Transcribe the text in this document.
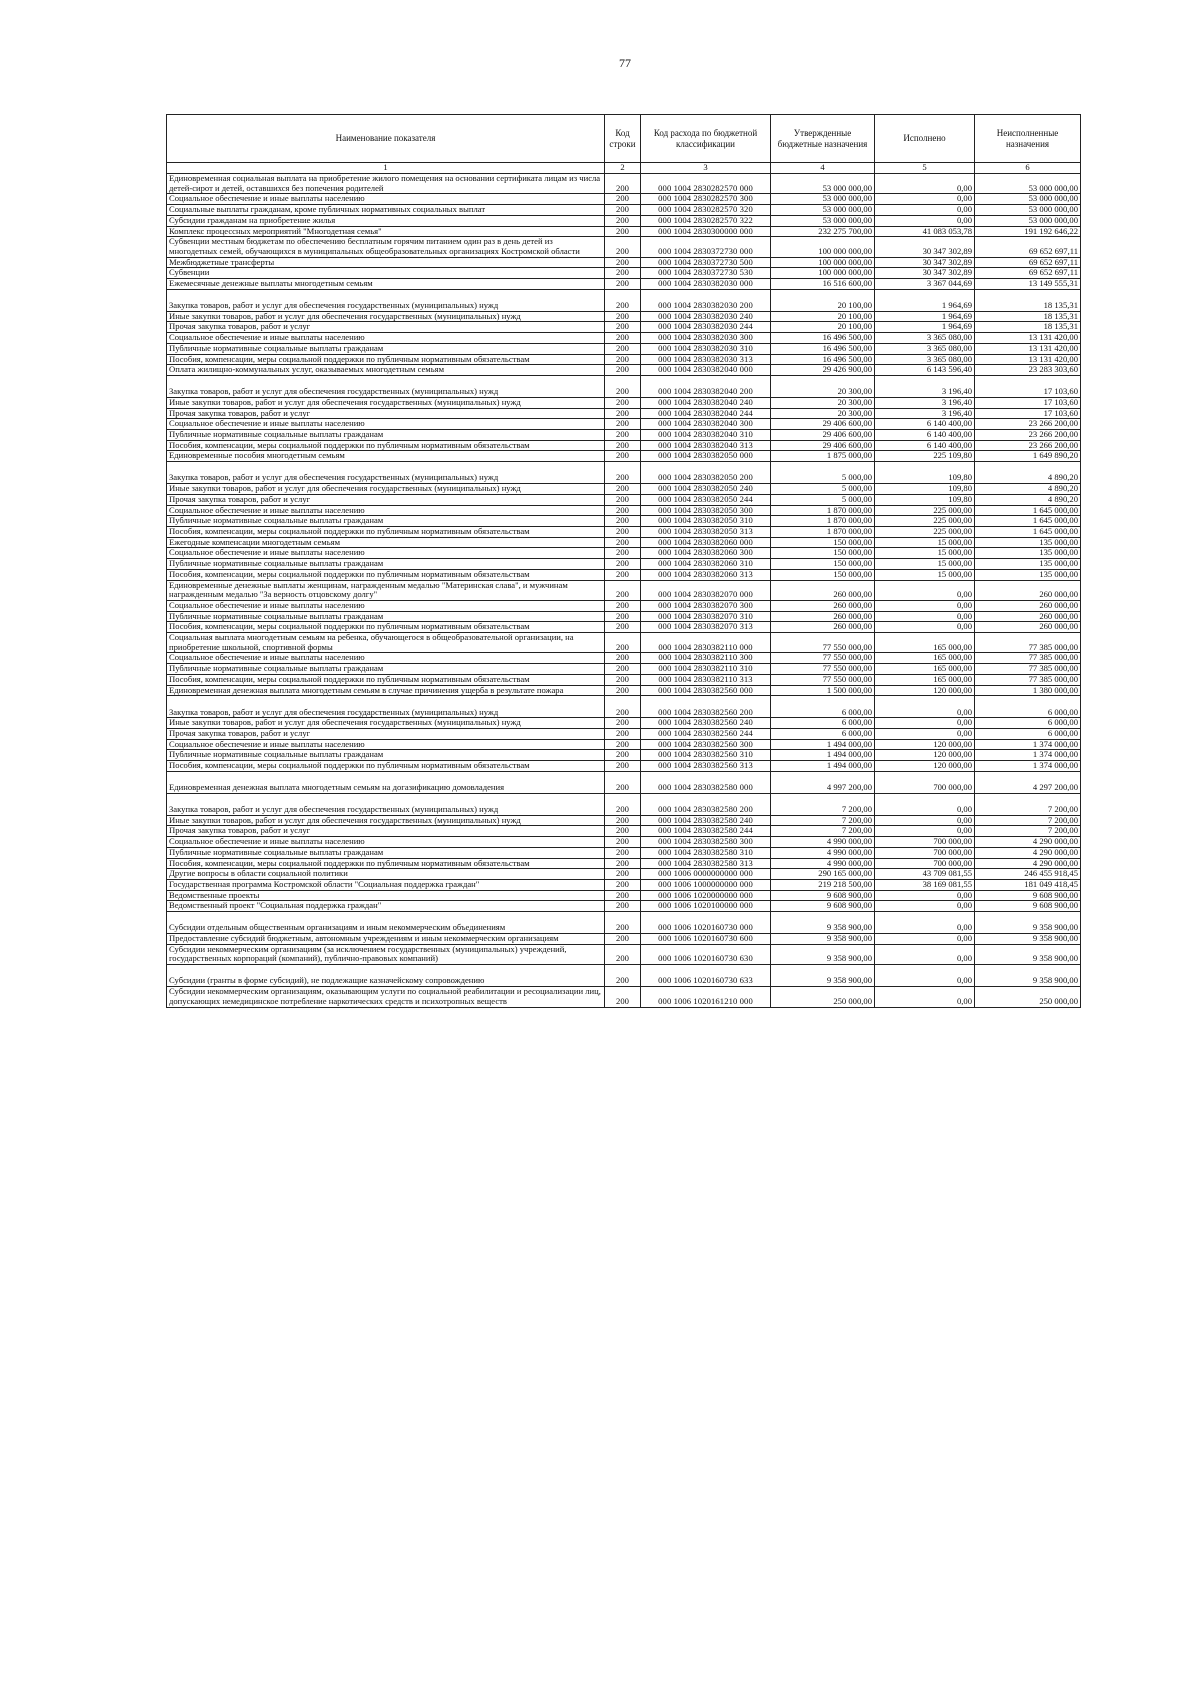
77
Наименование показателя	Код строки	Код расхода по бюджетной классификации	Утвержденные бюджетные назначения	Исполнено	Неисполненные назначения
1	2	3	4	5	6
Единовременная социальная выплата на приобретение жилого помещения на основании сертификата лицам из числа детей-сирот и детей, оставшихся без попечения родителей	200	000 1004 2830282570 000	53 000 000,00	0,00	53 000 000,00
Социальное обеспечение и иные выплаты населению	200	000 1004 2830282570 300	53 000 000,00	0,00	53 000 000,00
Социальные выплаты гражданам, кроме публичных нормативных социальных выплат	200	000 1004 2830282570 320	53 000 000,00	0,00	53 000 000,00
Субсидии гражданам на приобретение жилья	200	000 1004 2830282570 322	53 000 000,00	0,00	53 000 000,00
Комплекс процессных мероприятий "Многодетная семья"	200	000 1004 2830300000 000	232 275 700,00	41 083 053,78	191 192 646,22
Субвенции местным бюджетам по обеспечению бесплатным горячим питанием один раз в день детей из многодетных семей, обучающихся в муниципальных общеобразовательных организациях Костромской области	200	000 1004 2830372730 000	100 000 000,00	30 347 302,89	69 652 697,11
Межбюджетные трансферты	200	000 1004 2830372730 500	100 000 000,00	30 347 302,89	69 652 697,11
Субвенции	200	000 1004 2830372730 530	100 000 000,00	30 347 302,89	69 652 697,11
Ежемесячные денежные выплаты многодетным семьям	200	000 1004 2830382030 000	16 516 600,00	3 367 044,69	13 149 555,31
Закупка товаров, работ и услуг для обеспечения государственных (муниципальных) нужд	200	000 1004 2830382030 200	20 100,00	1 964,69	18 135,31
Иные закупки товаров, работ и услуг для обеспечения государственных (муниципальных) нужд	200	000 1004 2830382030 240	20 100,00	1 964,69	18 135,31
Прочая закупка товаров, работ и услуг	200	000 1004 2830382030 244	20 100,00	1 964,69	18 135,31
Социальное обеспечение и иные выплаты населению	200	000 1004 2830382030 300	16 496 500,00	3 365 080,00	13 131 420,00
Публичные нормативные социальные выплаты гражданам	200	000 1004 2830382030 310	16 496 500,00	3 365 080,00	13 131 420,00
Пособия, компенсации, меры социальной поддержки по публичным нормативным обязательствам	200	000 1004 2830382030 313	16 496 500,00	3 365 080,00	13 131 420,00
Оплата жилищно-коммунальных услуг, оказываемых многодетным семьям	200	000 1004 2830382040 000	29 426 900,00	6 143 596,40	23 283 303,60
Закупка товаров, работ и услуг для обеспечения государственных (муниципальных) нужд	200	000 1004 2830382040 200	20 300,00	3 196,40	17 103,60
Иные закупки товаров, работ и услуг для обеспечения государственных (муниципальных) нужд	200	000 1004 2830382040 240	20 300,00	3 196,40	17 103,60
Прочая закупка товаров, работ и услуг	200	000 1004 2830382040 244	20 300,00	3 196,40	17 103,60
Социальное обеспечение и иные выплаты населению	200	000 1004 2830382040 300	29 406 600,00	6 140 400,00	23 266 200,00
Публичные нормативные социальные выплаты гражданам	200	000 1004 2830382040 310	29 406 600,00	6 140 400,00	23 266 200,00
Пособия, компенсации, меры социальной поддержки по публичным нормативным обязательствам	200	000 1004 2830382040 313	29 406 600,00	6 140 400,00	23 266 200,00
Единовременные пособия многодетным семьям	200	000 1004 2830382050 000	1 875 000,00	225 109,80	1 649 890,20
Закупка товаров, работ и услуг для обеспечения государственных (муниципальных) нужд	200	000 1004 2830382050 200	5 000,00	109,80	4 890,20
Иные закупки товаров, работ и услуг для обеспечения государственных (муниципальных) нужд	200	000 1004 2830382050 240	5 000,00	109,80	4 890,20
Прочая закупка товаров, работ и услуг	200	000 1004 2830382050 244	5 000,00	109,80	4 890,20
Социальное обеспечение и иные выплаты населению	200	000 1004 2830382050 300	1 870 000,00	225 000,00	1 645 000,00
Публичные нормативные социальные выплаты гражданам	200	000 1004 2830382050 310	1 870 000,00	225 000,00	1 645 000,00
Пособия, компенсации, меры социальной поддержки по публичным нормативным обязательствам	200	000 1004 2830382050 313	1 870 000,00	225 000,00	1 645 000,00
Ежегодные компенсации многодетным семьям	200	000 1004 2830382060 000	150 000,00	15 000,00	135 000,00
Социальное обеспечение и иные выплаты населению	200	000 1004 2830382060 300	150 000,00	15 000,00	135 000,00
Публичные нормативные социальные выплаты гражданам	200	000 1004 2830382060 310	150 000,00	15 000,00	135 000,00
Пособия, компенсации, меры социальной поддержки по публичным нормативным обязательствам	200	000 1004 2830382060 313	150 000,00	15 000,00	135 000,00
Единовременные денежные выплаты женщинам, награжденным медалью "Материнская слава", и мужчинам награжденным медалью "За верность отцовскому долгу"	200	000 1004 2830382070 000	260 000,00	0,00	260 000,00
Социальное обеспечение и иные выплаты населению	200	000 1004 2830382070 300	260 000,00	0,00	260 000,00
Публичные нормативные социальные выплаты гражданам	200	000 1004 2830382070 310	260 000,00	0,00	260 000,00
Пособия, компенсации, меры социальной поддержки по публичным нормативным обязательствам	200	000 1004 2830382070 313	260 000,00	0,00	260 000,00
Социальная выплата многодетным семьям на ребенка, обучающегося в общеобразовательной организации, на приобретение школьной, спортивной формы	200	000 1004 2830382110 000	77 550 000,00	165 000,00	77 385 000,00
Социальное обеспечение и иные выплаты населению	200	000 1004 2830382110 300	77 550 000,00	165 000,00	77 385 000,00
Публичные нормативные социальные выплаты гражданам	200	000 1004 2830382110 310	77 550 000,00	165 000,00	77 385 000,00
Пособия, компенсации, меры социальной поддержки по публичным нормативным обязательствам	200	000 1004 2830382110 313	77 550 000,00	165 000,00	77 385 000,00
Единовременная денежная выплата многодетным семьям в случае причинения ущерба в результате пожара	200	000 1004 2830382560 000	1 500 000,00	120 000,00	1 380 000,00
Закупка товаров, работ и услуг для обеспечения государственных (муниципальных) нужд	200	000 1004 2830382560 200	6 000,00	0,00	6 000,00
Иные закупки товаров, работ и услуг для обеспечения государственных (муниципальных) нужд	200	000 1004 2830382560 240	6 000,00	0,00	6 000,00
Прочая закупка товаров, работ и услуг	200	000 1004 2830382560 244	6 000,00	0,00	6 000,00
Социальное обеспечение и иные выплаты населению	200	000 1004 2830382560 300	1 494 000,00	120 000,00	1 374 000,00
Публичные нормативные социальные выплаты гражданам	200	000 1004 2830382560 310	1 494 000,00	120 000,00	1 374 000,00
Пособия, компенсации, меры социальной поддержки по публичным нормативным обязательствам	200	000 1004 2830382560 313	1 494 000,00	120 000,00	1 374 000,00
Единовременная денежная выплата многодетным семьям на догазификацию домовладения	200	000 1004 2830382580 000	4 997 200,00	700 000,00	4 297 200,00
Закупка товаров, работ и услуг для обеспечения государственных (муниципальных) нужд	200	000 1004 2830382580 200	7 200,00	0,00	7 200,00
Иные закупки товаров, работ и услуг для обеспечения государственных (муниципальных) нужд	200	000 1004 2830382580 240	7 200,00	0,00	7 200,00
Прочая закупка товаров, работ и услуг	200	000 1004 2830382580 244	7 200,00	0,00	7 200,00
Социальное обеспечение и иные выплаты населению	200	000 1004 2830382580 300	4 990 000,00	700 000,00	4 290 000,00
Публичные нормативные социальные выплаты гражданам	200	000 1004 2830382580 310	4 990 000,00	700 000,00	4 290 000,00
Пособия, компенсации, меры социальной поддержки по публичным нормативным обязательствам	200	000 1004 2830382580 313	4 990 000,00	700 000,00	4 290 000,00
Другие вопросы в области социальной политики	200	000 1006 0000000000 000	290 165 000,00	43 709 081,55	246 455 918,45
Государственная программа Костромской области "Социальная поддержка граждан"	200	000 1006 1000000000 000	219 218 500,00	38 169 081,55	181 049 418,45
Ведомственные проекты	200	000 1006 1020000000 000	9 608 900,00	0,00	9 608 900,00
Ведомственный проект "Социальная поддержка граждан"	200	000 1006 1020100000 000	9 608 900,00	0,00	9 608 900,00
Субсидии отдельным общественным организациям и иным некоммерческим объединениям	200	000 1006 1020160730 000	9 358 900,00	0,00	9 358 900,00
Предоставление субсидий бюджетным, автономным учреждениям и иным некоммерческим организациям	200	000 1006 1020160730 600	9 358 900,00	0,00	9 358 900,00
Субсидии некоммерческим организациям (за исключением государственных (муниципальных) учреждений, государственных корпораций (компаний), публично-правовых компаний)	200	000 1006 1020160730 630	9 358 900,00	0,00	9 358 900,00
Субсидии (гранты в форме субсидий), не подлежащие казначейскому сопровождению	200	000 1006 1020160730 633	9 358 900,00	0,00	9 358 900,00
Субсидии некоммерческим организациям, оказывающим услуги по социальной реабилитации и ресоциализации лиц, допускающих немедицинское потребление наркотических средств и психотропных веществ	200	000 1006 1020161210 000	250 000,00	0,00	250 000,00
